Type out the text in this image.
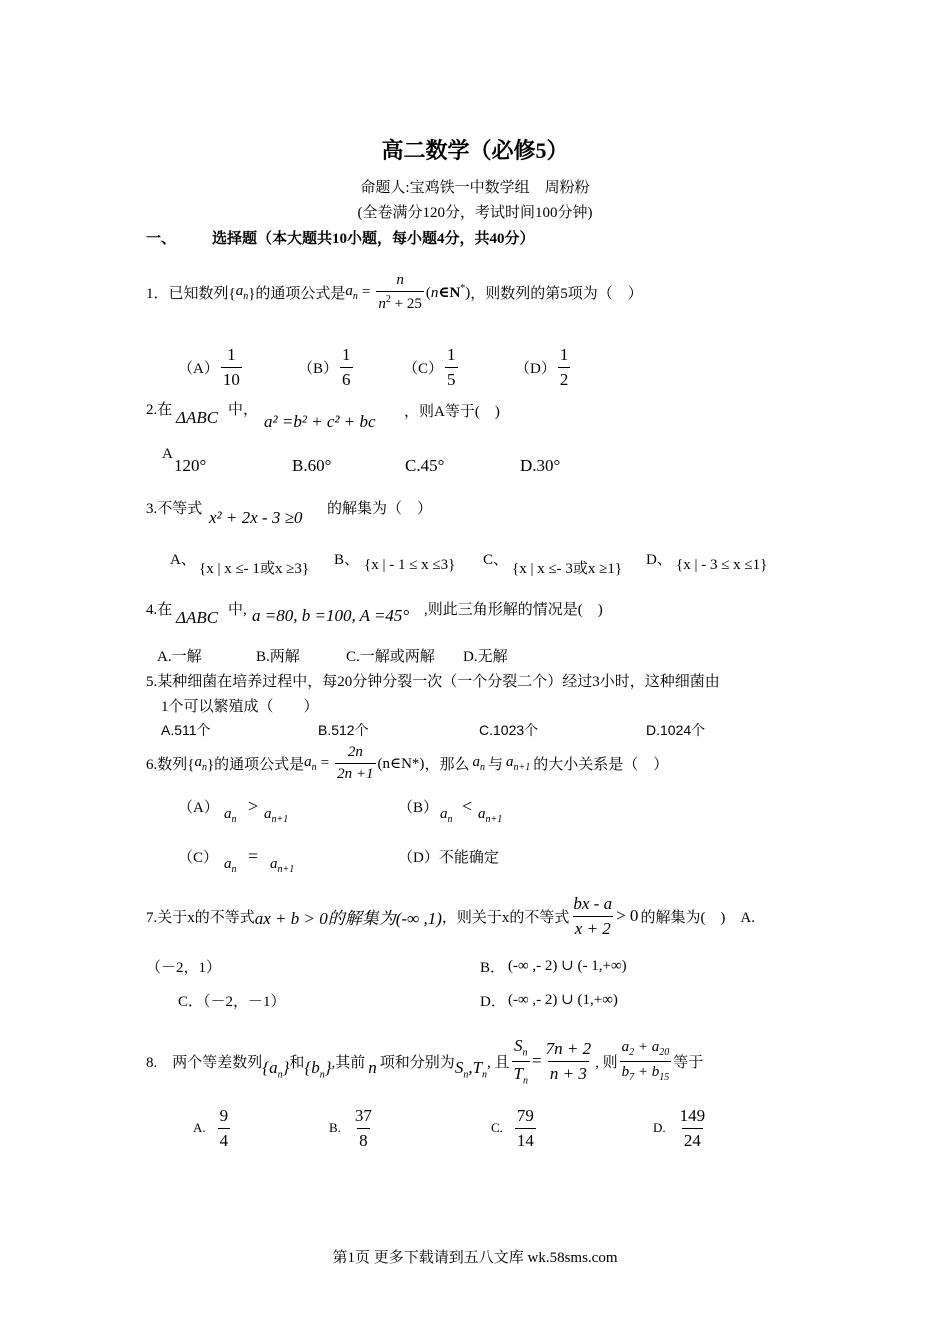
高二数学（必修5）
命题人:宝鸡铁一中数学组　周粉粉
(全卷满分120分，考试时间100分钟)
一、 选择题（本大题共10小题，每小题4分，共40分）
1．已知数列{ $a_n$ }的通项公式是 $a_n = \frac{n}{n^2 + 25}$ (n∈N*) ，则数列的第5项为（　）
$(A) \frac{1}{10}$	$(B) \frac{1}{6}$	$(C) \frac{1}{5}$	$(D) \frac{1}{2}$
2.在 ΔABC 中，
a² =b² + c² + bc ，则A等于(　)
A
120°	B.60°	C.45°	D.30°
3.不等式 x² + 2x - 3 ≥0 的解集为（　）
A、
{x | x ≤- 1或x ≥3}
B、 {x | - 1 ≤ x ≤3} C、
{x | x ≤- 3或x ≥1}
D、 {x | - 3 ≤ x ≤1}
4.在 ΔABC 中, a =80, b =100, A =45° ,则此三角形解的情况是(　)
A.一解	B.两解	C.一解或两解 D.无解
5.某种细菌在培养过程中，每20分钟分裂一次（一个分裂二个）经过3小时，这种细菌由
1个可以繁殖成（　　）
A.511个	B.512个	C.1023个	D.1024个
6.数列{ $a_n$ }的通项公式是 $a_n = \frac{2n}{2n +1}$ (n∈N*) ，那么 $a_n$ 与 $a_{n+1}$ 的大小关系是（　）
（A） $a_n$
> $a_{n+1}$
（B） $a_n$
< $a_{n+1}$
（C） $a_n$
= $a_{n+1}$
（D）不能确定
7.关于x的不等式 ax + b > 0的解集为(-∞ ,1) ，则关于x的不等式 $\frac{bx - a}{x + 2} > 0$ 的解集为(　)　A.
（－2，1）	B． (-∞ ,- 2) ∪ (- 1,+∞)
C．（－2，－1）	D． (-∞ ,- 2) ∪ (1,+∞)
8.　两个等差数列 $\{a_n\}$ 和 $\{b_n\}$ ,其前 n 项和分别为 $S_n,T_n$
, 且 $\frac{S_n}{T_n} = \frac{7n + 2}{n + 3}$ , 则 $\frac{a_2 + a_{20}}{b_7 + b_{15}}$ 等于
A. $\frac{9}{4}$	B. $\frac{37}{8}$	C. $\frac{79}{14}$	D. $\frac{149}{24}$
第1页 更多下载请到五八文库 wk.58sms.com
